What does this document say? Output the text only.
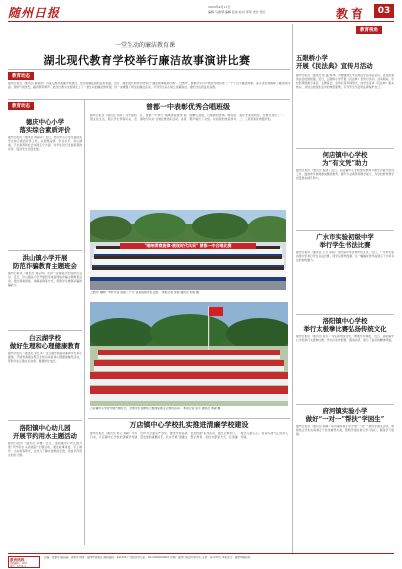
随州日报	2023年4月11日
编辑 马素琴 编辑 张伟 校对 李军 设计 吴红	教育	03
一堂生动的廉洁教育课
湖北现代教育学校举行廉洁故事演讲比赛
教育动态
随州日报讯（通讯员 黄丽贤）为深入推进清廉学校建设，营造崇廉拒腐的良好氛围，近日，湖北现代教育学校举行“廉洁故事演讲比赛”。比赛中，参赛选手们声情并茂地讲述了一个个古今廉洁故事，深入浅出地阐释了廉洁的内涵。现场气氛热烈，赢得阵阵掌声。此次比赛为全校师生上了一堂生动的廉洁教育课，进一步增强了师生的廉洁意识，引导学生从小树立崇廉尚洁、遵纪守法的良好品德。
教育视角
五眼桥小学
开展《民法典》宣传月活动
随州日报讯（通讯员 陈 磊 徐琴）为增强师生学法知法守法用法意识，营造浓厚的法治校园氛围，近日，五眼桥小学开展《民法典》宣传月活动。活动期间，学校利用国旗下讲话、主题班会、宣传栏等多种形式，向学生宣讲《民法典》相关知识，并结合校园生活中的典型案例，引导学生学会用法律保护自己。
教育动态
德庆中心小学
落实综合素质评价
随州日报讯（通讯员 黄丽萍）近日，德庆中心小学全面落实学生综合素质评价工作，从思想品德、学业水平、身心健康、艺术素养和社会实践五个方面，对学生进行全面客观的评价，促进学生全面发展。
洪山镇小学开展
防范诈骗教育主题班会
随州日报讯（通讯员 刘宗辉）为进一步提高学生的防范意识，近日，洪山镇各小学开展防范电信网络诈骗主题教育活动，通过观看视频、讲解案例等方式，帮助学生增强识骗防骗能力。
白云湖学校
做好生理和心理健康教育
随州日报讯（通讯员 李红英）白云湖学校高度重视学生身心健康，开展青春期生理卫生知识讲座和心理健康辅导活动，帮助学生正确认识自我，健康快乐成长。
洛阳镇中心幼儿园
开展节约用水主题活动
随州日报讯（通讯员 李姗）近日，洛阳镇中心幼儿园开展“节约用水 从我做起”主题活动，通过故事讲述、手工制作、小实验等形式，让幼儿了解水资源的宝贵，养成节约用水的好习惯。
曾都一中表彰优秀合唱班级
随州日报讯（通讯员 刘英）为丰富校园文化生活，展示学生青春风采，近日，曾都一中举行“唱响青春旋律 展现时代风采”合唱比赛表彰活动。各班级精心准备，以饱满的热情、嘹亮的歌声唱出了对党、对祖国的热爱和对美好未来的向往。比赛评选出了一、二、三等奖和优秀组织奖。
"唱响青春旋律·展现时代风采" 曾都一中合唱比赛
上图为“唱响一中好声音 迎接二十大”获奖班级学生合影。 本报记者 李斌 通讯员 刘英 摄
万店镇中心学校开展升旗仪式，全体学生在操场上参加爱国主义教育活动。 本报记者 张平 通讯员 刘敏 摄
万店镇中心学校扎实推进清廉学校建设
随州日报讯（通讯员 刘义 刘敏）今年以来，万店镇中心学校把清廉学校建设作为全面从严治党、推进学校高质量发展的重要抓手，扎实开展“清廉文化进校园”系列活动，通过主题党日、警示教育、家校共建等方式，让清廉理念入脑入心，营造风清气正的育人环境。
何店镇中心学校
为“有文凭”助力
随州日报讯（通讯员 程清）近日，何店镇中心学校组织教师开展学历提升培训工作，鼓励青年教师参加继续教育，提升专业素养和教学能力，为学校教育教学质量稳步提升助力。
广水市实验初级中学
举行学生书法比赛
随州日报讯（通讯员 王冬 余莉）为传承中华优秀传统文化，近日，广水市实验初级中学举行学生书法比赛，同学们挥毫泼墨，以一幅幅优秀作品展示了中华书法的独特魅力。
洛阳镇中心学校
举行太极拳比赛弘扬传统文化
随州日报讯（通讯员 何芳）为弘扬传统文化，增强学生体质，近日，洛阳镇中心学校举行太极拳比赛，学生们动作舒展、刚柔并济，展示了良好的精神风貌。
府河镇实验小学
做好“一对一”帮扶“学困生”
随州日报讯（通讯员 杨静）府河镇实验小学开展“一对一”帮扶学困生活动，教师结合学生实际制定个性化辅导方案，帮助学困生树立学习信心，提高学习成绩。
教育热线
投稿邮箱：szrb
电话：0722-3
总编：郑建军 副总编：张明华 地址：随州市曾都区 邮政编码：441300 广告经营许可证：4213004000001 印刷：随州日报社印务中心 定价：每月30元 本报发行：随州市邮政局
